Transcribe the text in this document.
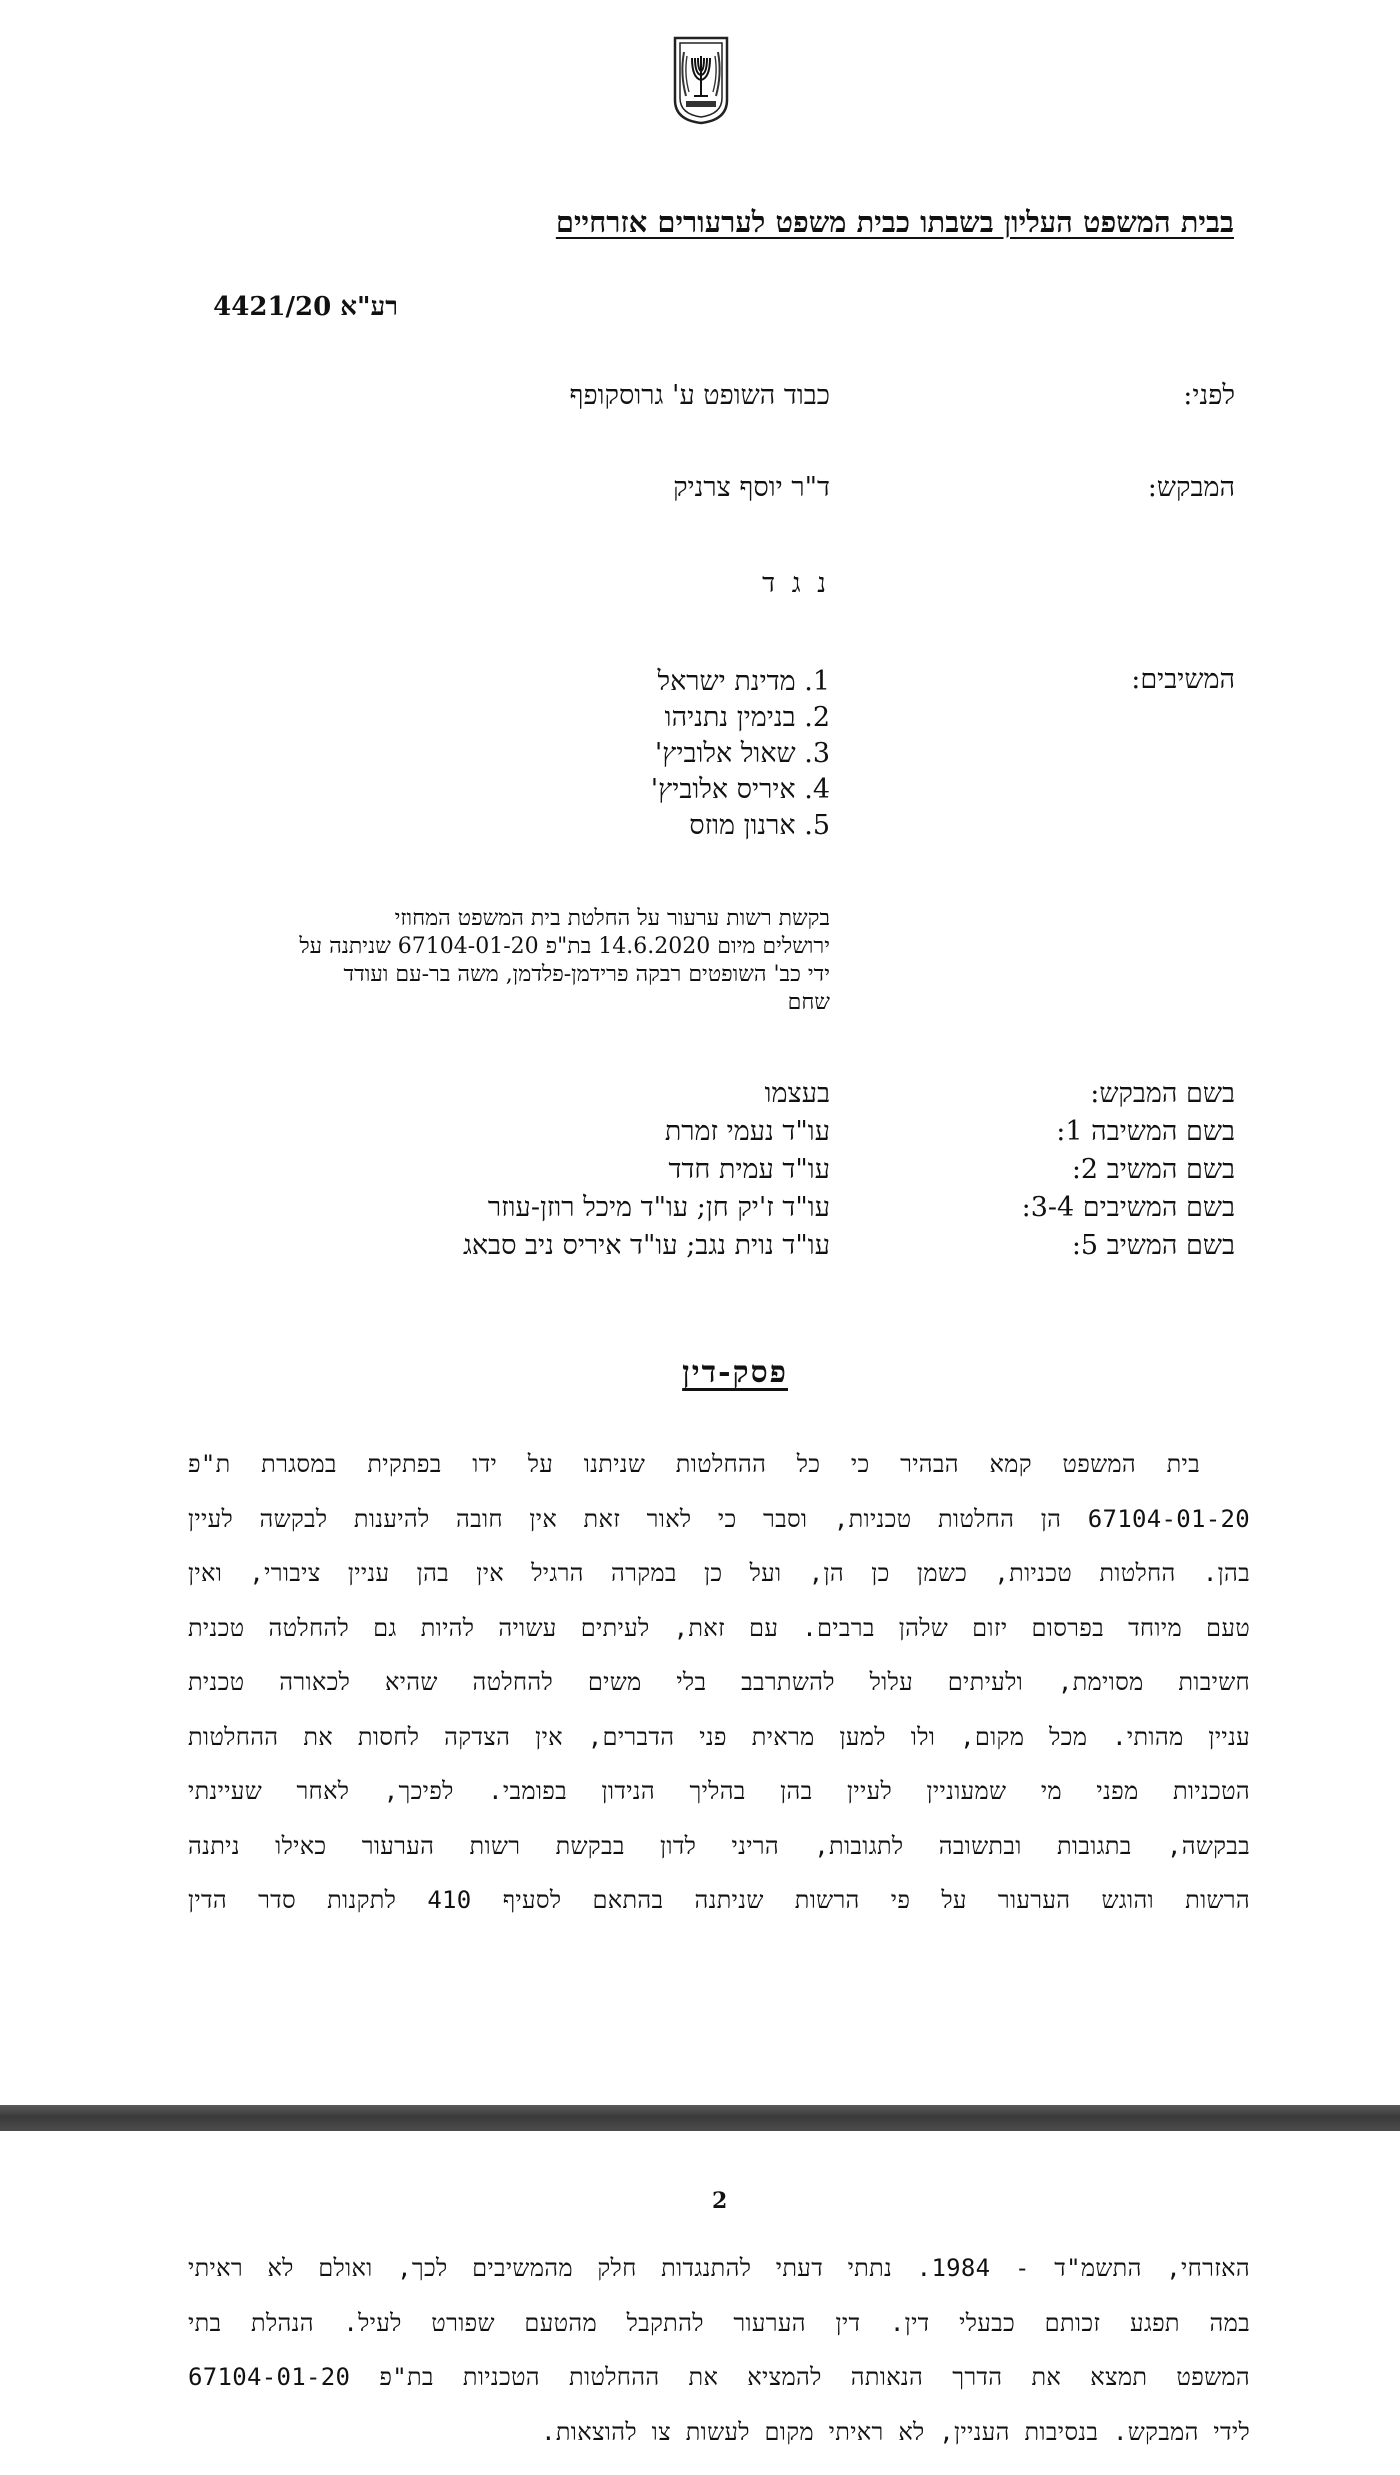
בבית המשפט העליון בשבתו כבית משפט לערעורים אזרחיים
רע"א 4421/20
לפני:
כבוד השופט ע' גרוסקופף
המבקש:
ד"ר יוסף צרניק
נ ג ד
המשיבים:
1. מדינת ישראל
2. בנימין נתניהו
3. שאול אלוביץ'
4. איריס אלוביץ'
5. ארנון מוזס
בקשת רשות ערעור על החלטת בית המשפט המחוזי
ירושלים מיום 14.6.2020 בת"פ 67104-01-20 שניתנה על
ידי כב' השופטים רבקה פרידמן-פלדמן, משה בר-עם ועודד
שחם
בשם המבקש:
בעצמו
בשם המשיבה 1:
עו"ד נעמי זמרת
בשם המשיב 2:
עו"ד עמית חדד
בשם המשיבים 3-4:
עו"ד ז'יק חן; עו"ד מיכל רוזן-עוזר
בשם המשיב 5:
עו"ד נוית נגב; עו"ד איריס ניב סבאג
פסק-דין
בית המשפט קמא הבהיר כי כל ההחלטות שניתנו על ידו בפתקית במסגרת ת"פ
67104-01-20 הן החלטות טכניות, וסבר כי לאור זאת אין חובה להיענות לבקשה לעיין
בהן. החלטות טכניות, כשמן כן הן, ועל כן במקרה הרגיל אין בהן עניין ציבורי, ואין
טעם מיוחד בפרסום יזום שלהן ברבים. עם זאת, לעיתים עשויה להיות גם להחלטה טכנית
חשיבות מסוימת, ולעיתים עלול להשתרבב בלי משים להחלטה שהיא לכאורה טכנית
עניין מהותי. מכל מקום, ולו למען מראית פני הדברים, אין הצדקה לחסות את ההחלטות
הטכניות מפני מי שמעוניין לעיין בהן בהליך הנידון בפומבי. לפיכך, לאחר שעיינתי
בבקשה, בתגובות ובתשובה לתגובות, הריני לדון בבקשת רשות הערעור כאילו ניתנה
הרשות והוגש הערעור על פי הרשות שניתנה בהתאם לסעיף 410 לתקנות סדר הדין
2
האזרחי, התשמ"ד - 1984. נתתי דעתי להתנגדות חלק מהמשיבים לכך, ואולם לא ראיתי
במה תפגע זכותם כבעלי דין. דין הערעור להתקבל מהטעם שפורט לעיל. הנהלת בתי
המשפט תמצא את הדרך הנאותה להמציא את ההחלטות הטכניות בת"פ 67104-01-20
לידי המבקש. בנסיבות העניין, לא ראיתי מקום לעשות צו להוצאות.
